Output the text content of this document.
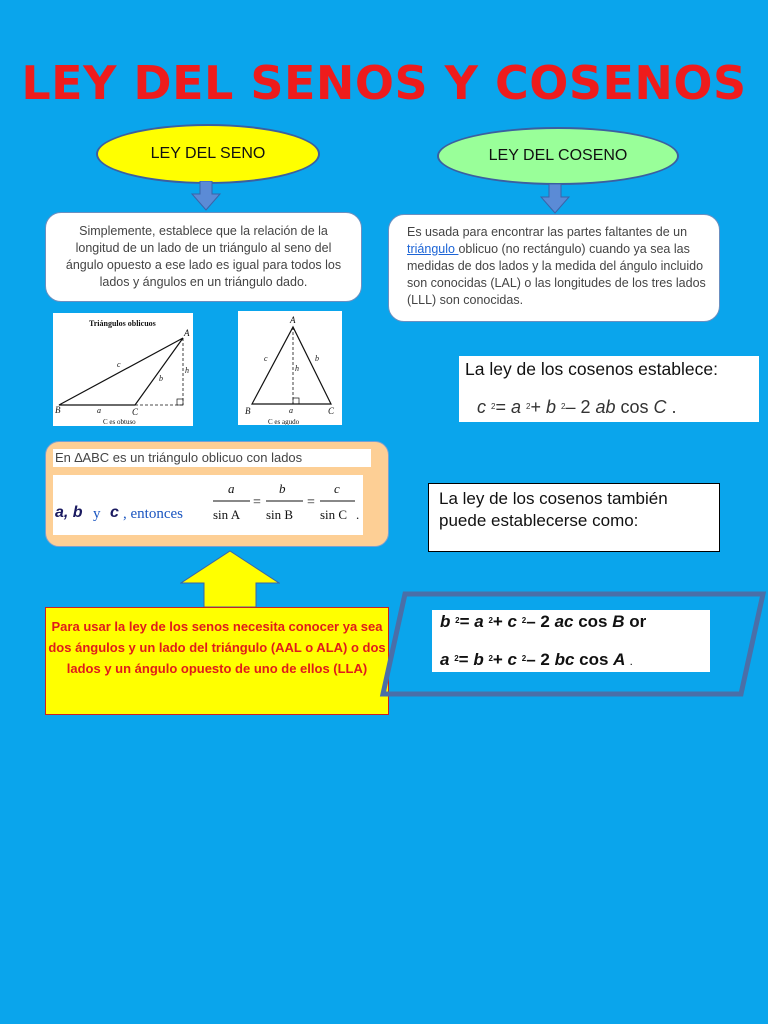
LEY DEL SENOS Y COSENOS
LEY DEL SENO	LEY DEL COSENO
Simplemente, establece que la relación de la longitud de un lado de un triángulo al seno del ángulo opuesto a ese lado es igual para todos los lados y ángulos en un triángulo dado.
Es usada para encontrar las partes faltantes de un triángulo oblicuo (no rectángulo) cuando ya sea las medidas de dos lados y la medida del ángulo incluido son conocidas (LAL) o las longitudes de los tres lados (LLL) son conocidas.
Triángulos oblicuos
A
B	C
a
b
c
h
C es obtuso
A
B	C
a
b
c
h
C es agudo
La ley de los cosenos establece:
c $^2$= a $^2$+ b $^2$– 2 ab cos C .
En ∆ABC es un triángulo oblicuo con lados
a, b y c , entonces
a
sin A
=
b
sin B
=
c
sin C .
La ley de los cosenos también puede establecerse como:
Para usar la ley de los senos necesita conocer ya sea dos ángulos y un lado del triángulo (AAL o ALA) o dos lados y un ángulo opuesto de uno de ellos (LLA)
b $^2$= a $^2$+ c $^2$– 2 ac cos B or
a $^2$= b $^2$+ c $^2$– 2 bc cos A .
